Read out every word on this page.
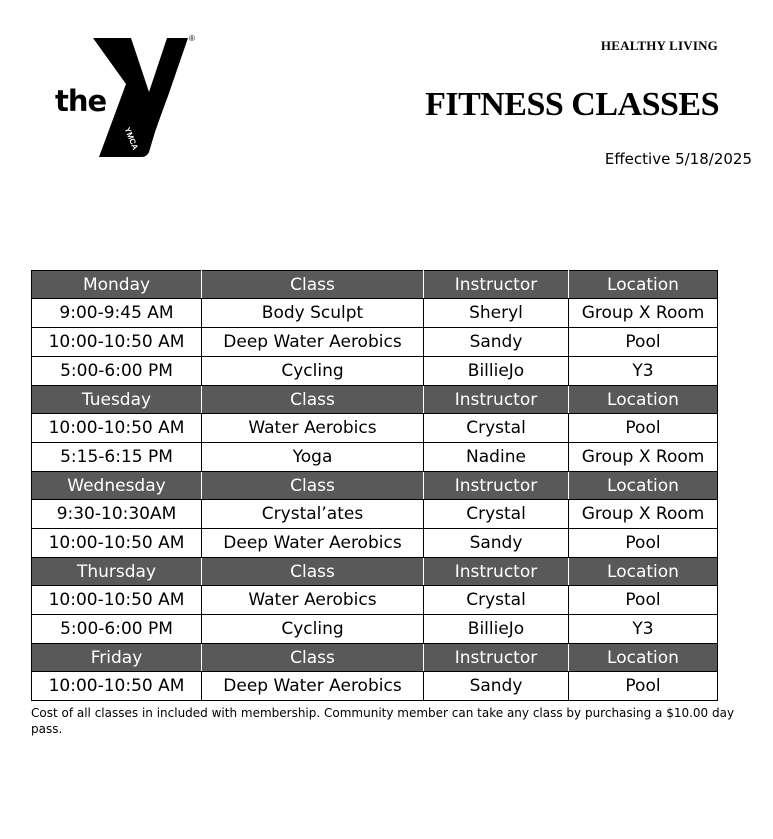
the
YMCA
®	HEALTHY LIVING
FITNESS CLASSES
Effective 5/18/2025
Monday	Class	Instructor	Location
9:00-9:45 AM	Body Sculpt	Sheryl	Group X Room
10:00-10:50 AM	Deep Water Aerobics	Sandy	Pool
5:00-6:00 PM	Cycling	BillieJo	Y3
Tuesday	Class	Instructor	Location
10:00-10:50 AM	Water Aerobics	Crystal	Pool
5:15-6:15 PM	Yoga	Nadine	Group X Room
Wednesday	Class	Instructor	Location
9:30-10:30AM	Crystal’ates	Crystal	Group X Room
10:00-10:50 AM	Deep Water Aerobics	Sandy	Pool
Thursday	Class	Instructor	Location
10:00-10:50 AM	Water Aerobics	Crystal	Pool
5:00-6:00 PM	Cycling	BillieJo	Y3
Friday	Class	Instructor	Location
10:00-10:50 AM	Deep Water Aerobics	Sandy	Pool
Cost of all classes in included with membership. Community member can take any class by purchasing a $10.00 day pass.
